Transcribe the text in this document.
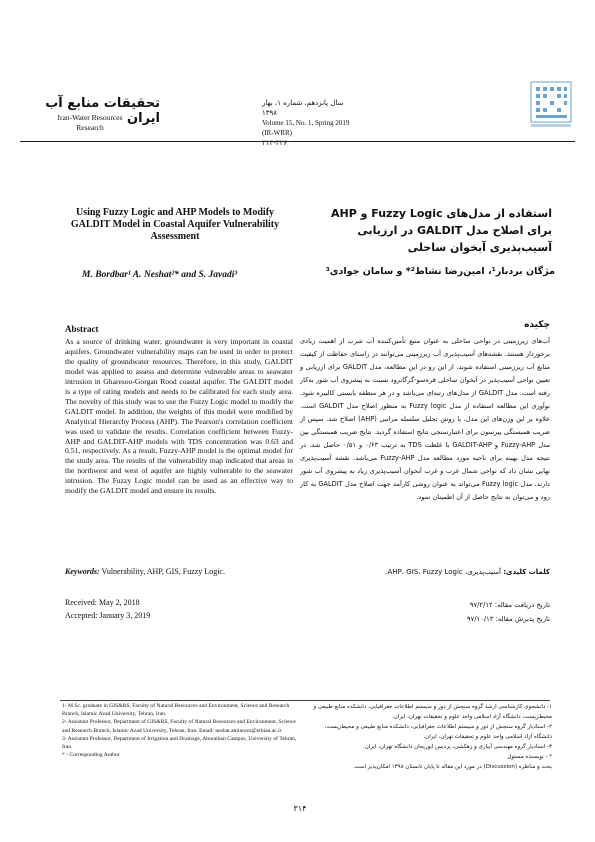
سال پانزدهم، شماره ۱، بهار ۱۳۹۸
Volume 15, No. 1, Spring 2019 (IR-WRR)
۳۱۴-۳۲۶
تحقیقات منابع آب ایران
Iran-Water Resources
Research
Using Fuzzy Logic and AHP Models to Modify GALDIT Model in Coastal Aquifer Vulnerability Assessment
استفاده از مدل‌های Fuzzy Logic و AHP برای اصلاح مدل GALDIT در ارزیابی آسیب‌پذیری آبخوان ساحلی
M. Bordbar¹ A. Neshat²* and S. Javadi³	مژگان بردبار¹، امین‌رضا نشاط²* و سامان جوادی³
Abstract
As a source of drinking water, groundwater is very important in coastal aquifers. Groundwater vulnerability maps can be used in order to protect the quality of groundwater resources. Therefore, in this study, GALDIT model was applied to assess and determine vulnerable areas to seawater intrusion in Gharesoo-Gorgan Rood coastal aquifer. The GALDIT model is a type of rating models and needs to be calibrated for each study area. The novelty of this study was to use the Fuzzy Logic model to modify the GALDIT model. In addition, the weights of this model were modified by Analytical Hierarchy Process (AHP). The Pearson's correlation coefficient was used to validate the results. Correlation coefficient between Fuzzy-AHP and GALDIT-AHP models with TDS concentration was 0.63 and 0.51, respectively. As a result, Fuzzy-AHP model is the optimal model for the study area. The results of the vulnerability map indicated that areas in the northwest and west of aquifer are highly vulnerable to the seawater intrusion. The Fuzzy Logic model can be used as an effective way to modify the GALDIT model and ensure its results.
چکیده
آب‌های زیرزمینی در نواحی ساحلی به عنوان منبع تأمین‌کننده آب شرب از اهمیت زیادی برخوردار هستند. نقشه‌های آسیب‌پذیری آب زیرزمینی می‌توانند در راستای حفاظت از کیفیت منابع آب زیرزمینی استفاده شوند. از این رو در این مطالعه، مدل GALDIT برای ارزیابی و تعیین نواحی آسیب‌پذیر در آبخوان ساحلی قره‌سو-گرگانرود نسبت به پیشروی آب شور به‌کار رفته است. مدل GALDIT از مدل‌های رتبه‌ای می‌باشد و در هر منطقه بایستی کالیبره شود. نوآوری این مطالعه استفاده از مدل Fuzzy logic به منظور اصلاح مدل GALDIT است. علاوه بر این وزن‌های این مدل، با روش تحلیل سلسله مراتبی (AHP) اصلاح شد. سپس از ضریب همبستگی پیرسون برای اعتبارسنجی نتایج استفاده گردید. نتایج ضریب همبستگی بین مدل Fuzzy-AHP و GALDIT-AHP با غلظت TDS به ترتیب ۰/۶۳ و ۰/۵۱ حاصل شد. در نتیجه مدل بهینه برای ناحیه مورد مطالعه مدل Fuzzy-AHP می‌باشد. نقشه آسیب‌پذیری نهایی نشان داد که نواحی شمال غرب و غرب آبخوان آسیب‌پذیری زیاد به پیشروی آب شور دارند. مدل Fuzzy logic می‌تواند به عنوان روشی کارآمد جهت اصلاح مدل GALDIT به کار رود و می‌توان به نتایج حاصل از آن اطمینان نمود.
Keywords: Vulnerability, AHP, GIS, Fuzzy Logic.	کلمات کلیدی: آسیب‌پذیری، AHP، GIS، Fuzzy Logic.
Received: May 2, 2018
Accepted: January 3, 2019
تاریخ دریافت مقاله: ۹۷/۲/۱۲
تاریخ پذیرش مقاله: ۹۷/۱۰/۱۳
1- M.Sc. graduate in GIS&RS, Faculty of Natural Resources and Environment, Science and Research Branch, Islamic Azad University, Tehran, Iran.
2- Assistant Professor, Department of GIS&RS, Faculty of Natural Resources and Environment, Science and Research Branch, Islamic Azad University, Tehran, Iran. Email: neshat.aminreza@srbiau.ac.ir
3- Assistant Professor, Department of Irrigation and Drainage, Aburaihan Campus, University of Tehran, Iran.
* - Corresponding Author
۱- دانشجوی کارشناسی ارشد گروه سنجش از دور و سیستم اطلاعات جغرافیایی، دانشکده منابع طبیعی و محیط‌زیست، دانشگاه آزاد اسلامی واحد علوم و تحقیقات تهران، ایران.
۲- استادیار گروه سنجش از دور و سیستم اطلاعات جغرافیایی، دانشکده منابع طبیعی و محیط‌زیست، دانشگاه آزاد اسلامی واحد علوم و تحقیقات تهران، ایران.
۳- استادیار گروه مهندسی آبیاری و زهکشی، پردیس ابوریحان دانشگاه تهران، ایران.
* - نویسنده مسئول
بحث و مناظره (Discussion) در مورد این مقاله تا پایان تابستان ۱۳۹۸ امکان‌پذیر است.
۳۱۴
